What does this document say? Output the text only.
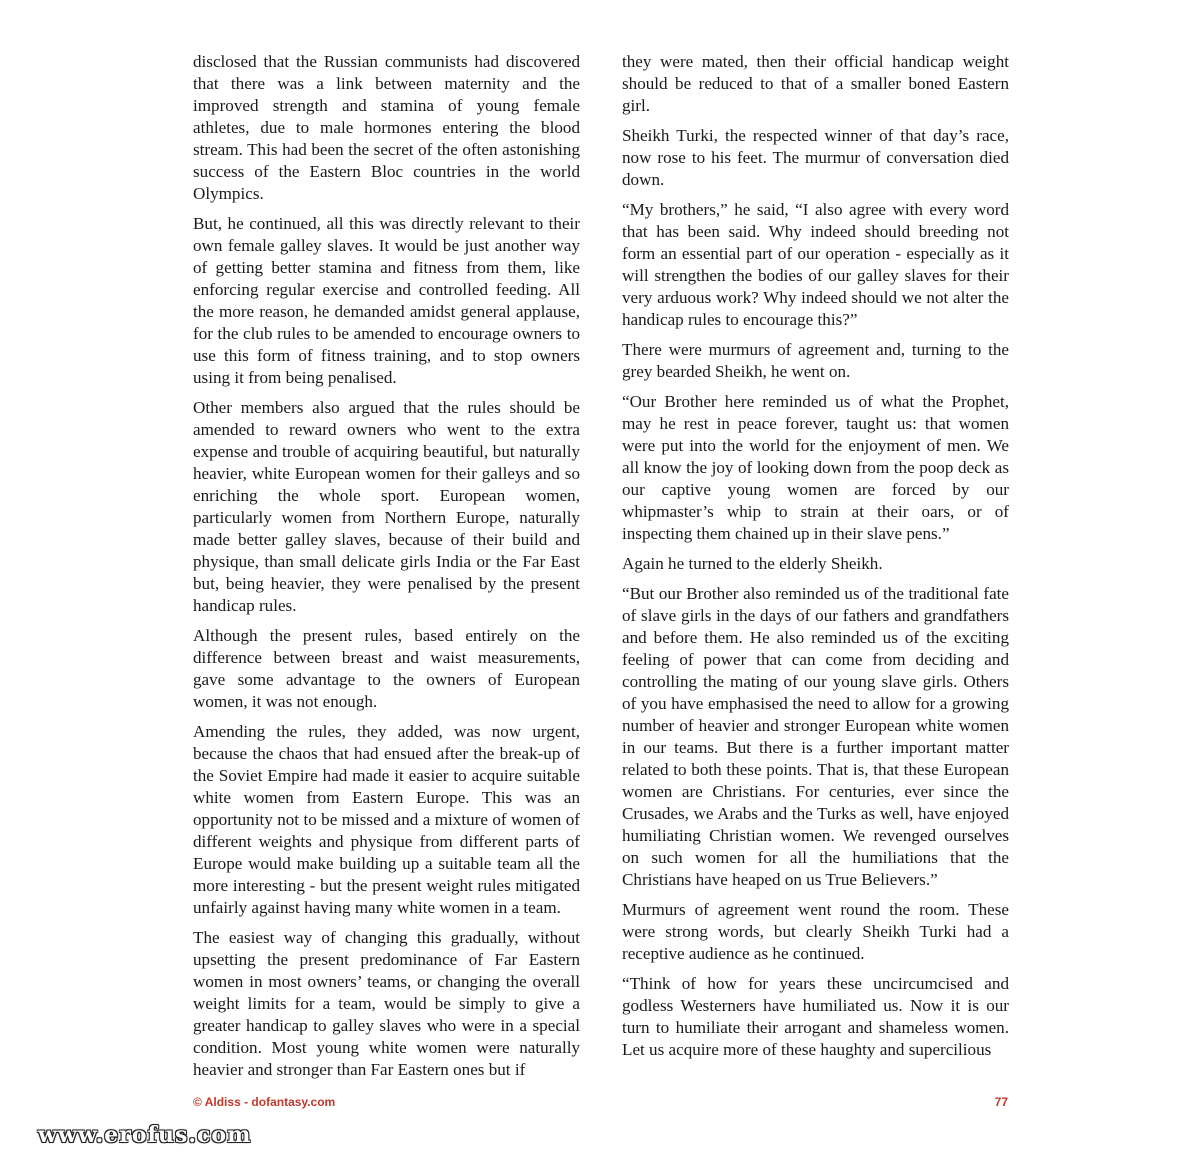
disclosed that the Russian communists had discovered that there was a link between maternity and the improved strength and stamina of young female athletes, due to male hormones entering the blood stream. This had been the secret of the often astonishing success of the Eastern Bloc countries in the world Olympics.

But, he continued, all this was directly relevant to their own female galley slaves. It would be just another way of getting better stamina and fitness from them, like enforcing regular exercise and controlled feeding. All the more reason, he demanded amidst general applause, for the club rules to be amended to encourage owners to use this form of fitness training, and to stop owners using it from being penalised.

Other members also argued that the rules should be amended to reward owners who went to the extra expense and trouble of acquiring beautiful, but naturally heavier, white European women for their galleys and so enriching the whole sport. European women, particularly women from Northern Europe, naturally made better galley slaves, because of their build and physique, than small delicate girls India or the Far East but, being heavier, they were penalised by the present handicap rules.

Although the present rules, based entirely on the difference between breast and waist measurements, gave some advantage to the owners of European women, it was not enough.

Amending the rules, they added, was now urgent, because the chaos that had ensued after the break-up of the Soviet Empire had made it easier to acquire suitable white women from Eastern Europe. This was an opportunity not to be missed and a mixture of women of different weights and physique from different parts of Europe would make building up a suitable team all the more interesting - but the present weight rules mitigated unfairly against having many white women in a team.

The easiest way of changing this gradually, without upsetting the present predominance of Far Eastern women in most owners’ teams, or changing the overall weight limits for a team, would be simply to give a greater handicap to galley slaves who were in a special condition. Most young white women were naturally heavier and stronger than Far Eastern ones but if

they were mated, then their official handicap weight should be reduced to that of a smaller boned Eastern girl.

Sheikh Turki, the respected winner of that day’s race, now rose to his feet. The murmur of conversation died down.

“My brothers,” he said, “I also agree with every word that has been said. Why indeed should breeding not form an essential part of our operation - especially as it will strengthen the bodies of our galley slaves for their very arduous work? Why indeed should we not alter the handicap rules to encourage this?”

There were murmurs of agreement and, turning to the grey bearded Sheikh, he went on.

“Our Brother here reminded us of what the Prophet, may he rest in peace forever, taught us: that women were put into the world for the enjoyment of men. We all know the joy of looking down from the poop deck as our captive young women are forced by our whipmaster’s whip to strain at their oars, or of inspecting them chained up in their slave pens.”

Again he turned to the elderly Sheikh.

“But our Brother also reminded us of the traditional fate of slave girls in the days of our fathers and grandfathers and before them. He also reminded us of the exciting feeling of power that can come from deciding and controlling the mating of our young slave girls. Others of you have emphasised the need to allow for a growing number of heavier and stronger European white women in our teams. But there is a further important matter related to both these points. That is, that these European women are Christians. For centuries, ever since the Crusades, we Arabs and the Turks as well, have enjoyed humiliating Christian women. We revenged ourselves on such women for all the humiliations that the Christians have heaped on us True Believers.”

Murmurs of agreement went round the room. These were strong words, but clearly Sheikh Turki had a receptive audience as he continued.

“Think of how for years these uncircumcised and godless Westerners have humiliated us. Now it is our turn to humiliate their arrogant and shameless women. Let us acquire more of these haughty and supercilious

© Aldiss - dofantasy.com	77
www.erofus.com
